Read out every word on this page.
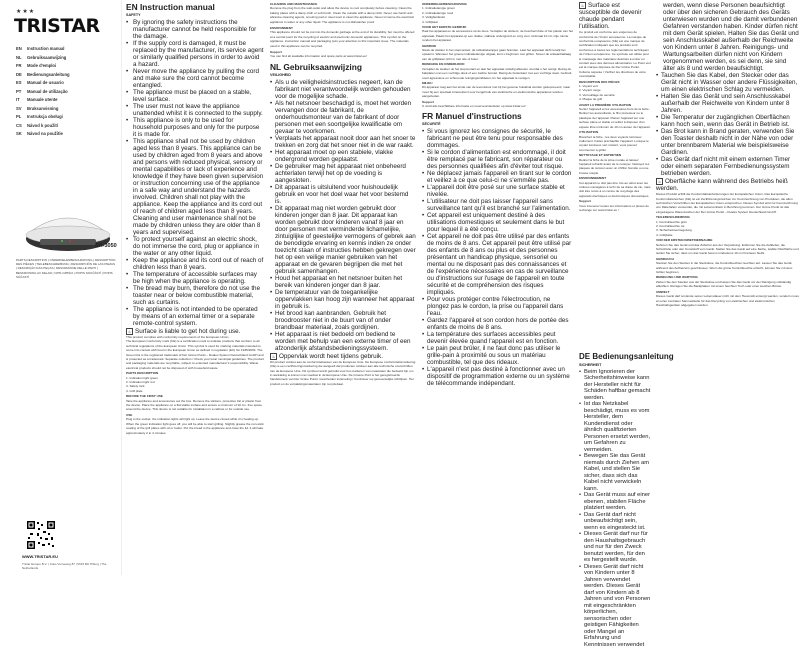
★★★
TRISTAR
EN Instruction manual
NL Gebruiksaanwijzing
FR Mode d'emploi
DE Bedienungsanleitung
ES Manual de usuario
PT Manual de utilização
IT Manuale utente
SV Bruksanvisning
PL Instrukcja obsługi
CS Návod k použití
SK Návod na použitie
SA-3050
PARTS DESCRIPTION | ONDERDELENBESCHRIJVING | DESCRIPTION DES PIÈCES | TEILEBESCHREIBUNG | DESCRIPCIÓN DE LAS PIEZAS | DESCRIÇÃO DAS PEÇAS | DESCRIZIONE DELLE PARTI | BESKRIVNING AV DELAR | OPIS CZĘŚCI | POPIS SOUČÁSTÍ | POPIS SÚČASTÍ
WWW.TRISTAR.EU
Tristar Europe B.V. | Jules Verneweg 87 | 5015 BH Tilburg | The Netherlands
EN Instruction manual
SAFETY
• By ignoring the safety instructions the manufacturer cannot be held responsible for the damage.
• If the supply cord is damaged, it must be replaced by the manufacturer, its service agent or similarly qualified persons in order to avoid a hazard.
• Never move the appliance by pulling the cord and make sure the cord cannot become entangled.
• The appliance must be placed on a stable, level surface.
• The user must not leave the appliance unattended whilst it is connected to the supply.
• This appliance is only to be used for household purposes and only for the purpose it is made for.
• This appliance shall not be used by children aged less than 8 years. This appliance can be used by children aged from 8 years and above and persons with reduced physical, sensory or mental capabilities or lack of experience and knowledge if they have been given supervision or instruction concerning use of the appliance in a safe way and understand the hazards involved. Children shall not play with the appliance. Keep the appliance and its cord out of reach of children aged less than 8 years. Cleaning and user maintenance shall not be made by children unless they are older than 8 years and supervised.
• To protect yourself against an electric shock, do not immerse the cord, plug or appliance in the water or any other liquid.
• Keep the appliance and its cord out of reach of children less than 8 years.
• The temperature of accessible surfaces may be high when the appliance is operating.
• The bread may burn, therefore do not use the toaster near or below combustible material, such as curtains.
• The appliance is not intended to be operated by means of an external timer or a separate remote-control system.
♨ Surface is liable to get hot during use.
This product complies with conformity requirements of the European Union.
The European Conformity mark (CE) is a certification mark to indicate products that conform to all technical regulations of the European Union. This symbol is used for marking materials intended to come into contact with food in the European Union as defined in regulation (EC) No 1935/2004. The Green Dot is the registered trademark of Der Grüne Punkt – Duales System Deutschland GmbH and is protected as a trademark. Separate collection / Check your local municipal guidelines. The product and packaging materials are recyclable, subject to extended manufacturer's responsibility. Waste electrical products should not be disposed of with household waste.
PARTS DESCRIPTION
1. Indication light green
2. Indication light red
3. Safety lock
4. Grill plate
BEFORE THE FIRST USE
Take the appliance and accessories out the box. Remove the stickers, protective foil or plastic from the device. Place the appliance on a flat stable surface and ensure a minimum of 10 cm. free space around the device. This device is not suitable for installation in a cabinet or for outside use.
USE
Plug in the socket, the indication lights will light up. Leave the device closed while it is heating up. When the green indication light goes off, you will be able to start grilling. Slightly grease the non-stick coating of the grill plates with oil or butter. Put the bread in the appliance and close the lid. It will take approximately 2 to 4 minutes.
CLEANING AND MAINTENANCE
Remove the plug from the wall outlet and allow the device to cool completely before cleaning. Clean the baking plates with a damp cloth or soft brush. Clean the outside with a damp cloth. Never use harsh and abrasive cleaning agents, scouring pad or steel wool to clean the appliance. Never immerse the electrical appliance in water or any other liquid. The appliance is not dishwasher proof.
ENVIRONMENT
This appliance should not be put into the domestic garbage at the end of its durability, but must be offered at a central point for the recycling of electric and electronic domestic appliances. This symbol on the appliance, instruction manual and packaging puts your attention to this important issue. The materials used in this appliance can be recycled.
Support
You can find all available information and spare parts at www.tristar.eu!
NL Gebruiksaanwijzing
VEILIGHEID
• Als u de veiligheidsinstructies negeert, kan de fabrikant niet verantwoordelijk worden gehouden voor de mogelijke schade.
• Als het netsnoer beschadigd is, moet het worden vervangen door de fabrikant, de onderhoudsmonteur van de fabrikant of door personen met een soortgelijke kwalificatie om gevaar te voorkomen.
• Verplaats het apparaat nooit door aan het snoer te trekken en zorg dat het snoer niet in de war raakt.
• Het apparaat moet op een stabiele, vlakke ondergrond worden geplaatst.
• De gebruiker mag het apparaat niet onbeheerd achterlaten terwijl het op de voeding is aangesloten.
• Dit apparaat is uitsluitend voor huishoudelijk gebruik en voor het doel waar het voor bestemd is.
• Dit apparaat mag niet worden gebruikt door kinderen jonger dan 8 jaar. Dit apparaat kan worden gebruikt door kinderen vanaf 8 jaar en door personen met verminderde lichamelijke, zintuiglijke of geestelijke vermogens of gebrek aan de benodigde ervaring en kennis indien ze onder toezicht staan of instructies hebben gekregen over het op een veilige manier gebruiken van het apparaat en de gevaren begrijpen die met het gebruik samenhangen.
• Houd het apparaat en het netsnoer buiten het bereik van kinderen jonger dan 8 jaar.
• De temperatuur van de toegankelijke oppervlakken kan hoog zijn wanneer het apparaat in gebruik is.
• Het brood kan aanbranden. Gebruik het broodrooster niet in de buurt van of onder brandbaar materiaal, zoals gordijnen.
• Het apparaat is niet bedoeld om bediend te worden met behulp van een externe timer of een afzonderlijk afstandsbedieningssysteem.
♨ Oppervlak wordt heet tijdens gebruik.
Dit product voldoet aan de conformiteitseisen van de Europese Unie. De Europese conformiteitsmarkering (CE) is een certificeringsmarkering die aangeeft dat producten voldoen aan alle technische voorschriften van de Europese Unie. Dit symbool wordt gebruikt voor het markeren van materialen die bedoeld zijn om in aanraking te komen met voedsel in de Europese Unie. De Groene Punt is het geregistreerde handelsmerk van Der Grüne Punkt. Gescheiden inzameling / Controleer uw gemeentelijke richtlijnen. Het product en de verpakkingsmaterialen zijn recyclebaar.
ONDERDELENBESCHRIJVING
1. Indicatielampje groen
2. Indicatielampje rood
3. Veiligheidsslot
4. Grillplaat
VOOR HET EERSTE GEBRUIK
Haal het apparaat en de accessoires uit de doos. Verwijder de stickers, de beschermfolie of het plastic van het apparaat. Plaats het apparaat op een vlakke, stabiele ondergrond en zorg voor minimaal 10 cm vrije ruimte rondom het apparaat.
GEBRUIK
Steek de stekker in het stopcontact, de indicatielampjes gaan branden. Laat het apparaat dicht terwijl het opwarmt. Wanneer het groene indicatielampje uitgaat, kunt u beginnen met grillen. Smeer de antiaanbaklaag van de grillplaten licht in met olie of boter.
REINIGING EN ONDERHOUD
Verwijder de stekker uit het stopcontact en laat het apparaat volledig afkoelen voordat u het reinigt. Reinig de bakplaten met een vochtige doek of een zachte borstel. Reinig de buitenkant met een vochtige doek. Gebruik nooit agressieve en schurende reinigingsmiddelen om het apparaat te reinigen.
MILIEU
Dit apparaat mag aan het einde van de levensduur niet bij het gewone huisafval worden gedeponeerd, maar moet bij een speciaal inzamelpunt voor hergebruik van elektrische en elektronische apparatuur worden aangeboden.
Support
U vindt alle beschikbare informatie en reserveonderdelen op www.tristar.eu!
FR Manuel d'instructions
SÉCURITÉ
• Si vous ignorez les consignes de sécurité, le fabricant ne peut être tenu pour responsable des dommages.
• Si le cordon d'alimentation est endommagé, il doit être remplacé par le fabricant, son réparateur ou des personnes qualifiées afin d'éviter tout risque.
• Ne déplacez jamais l'appareil en tirant sur le cordon et veillez à ce que celui-ci ne s'emmêle pas.
• L'appareil doit être posé sur une surface stable et nivelée.
• L'utilisateur ne doit pas laisser l'appareil sans surveillance tant qu'il est branché sur l'alimentation.
• Cet appareil est uniquement destiné à des utilisations domestiques et seulement dans le but pour lequel il a été conçu.
• Cet appareil ne doit pas être utilisé par des enfants de moins de 8 ans. Cet appareil peut être utilisé par des enfants de 8 ans ou plus et des personnes présentant un handicap physique, sensoriel ou mental ou ne disposant pas des connaissances et de l'expérience nécessaires en cas de surveillance ou d'instructions sur l'usage de l'appareil en toute sécurité et de compréhension des risques impliqués.
• Pour vous protéger contre l'électrocution, ne plongez pas le cordon, la prise ou l'appareil dans l'eau.
• Gardez l'appareil et son cordon hors de portée des enfants de moins de 8 ans.
• La température des surfaces accessibles peut devenir élevée quand l'appareil est en fonction.
• Le pain peut brûler, il ne faut donc pas utiliser le grille-pain à proximité ou sous un matériau combustible, tel que des rideaux.
• L'appareil n'est pas destiné à fonctionner avec un dispositif de programmation externe ou un système de télécommande indépendant.
♨ Surface est susceptible de devenir chaude pendant l'utilisation.
Ce produit est conforme aux exigences de conformité de l'Union européenne. La marque de conformité européenne (CE) est une marque de certification indiquant que les produits sont conformes à toutes les réglementations techniques de l'Union européenne. Ce symbole est utilisé pour le marquage des matériaux destinés à entrer en contact avec des denrées alimentaires. Le Point vert est la marque déposée de Der Grüne Punkt. Collecte séparée / Vérifiez les directives de votre municipalité.
DESCRIPTION DES PIÈCES
1. Voyant vert
2. Voyant rouge
3. Verrouillage de sécurité
4. Plaque de grill
AVANT LA PREMIÈRE UTILISATION
Sortez l'appareil et les accessoires hors de la boîte. Retirez les autocollants, le film protecteur ou le plastique de l'appareil. Placez l'appareil sur une surface plane et stable et veillez à disposer d'un espace libre minimum de 10 cm autour de l'appareil.
UTILISATION
Branchez la fiche ; les deux voyants lumineux s'allument. Faites préchauffer l'appareil. Lorsque le voyant lumineux vert s'éteint, vous pouvez commencer à griller.
NETTOYAGE ET ENTRETIEN
Retirez la fiche de la prise murale et laissez l'appareil refroidir avant de le nettoyer. Nettoyez les plaques de cuisson avec un chiffon humide ou une brosse souple.
ENVIRONNEMENT
Cet appareil ne doit pas être mis au rebut avec les ordures ménagères à la fin de sa durée de vie, mais doit être remis à un centre de recyclage des appareils électriques et électroniques domestiques.
Support
Vous trouverez toutes les informations et pièces de rechange sur www.tristar.eu !
DE Bedienungsanleitung
SICHERHEIT
• Beim Ignorieren der Sicherheitshinweise kann der Hersteller nicht für Schäden haftbar gemacht werden.
• Ist das Netzkabel beschädigt, muss es vom Hersteller, dem Kundendienst oder ähnlich qualifizierten Personen ersetzt werden, um Gefahren zu vermeiden.
• Bewegen Sie das Gerät niemals durch Ziehen am Kabel, und stellen Sie sicher, dass sich das Kabel nicht verwickeln kann.
• Das Gerät muss auf einer ebenen, stabilen Fläche platziert werden.
• Das Gerät darf nicht unbeaufsichtigt sein, wenn es eingesteckt ist.
• Dieses Gerät darf nur für den Haushaltsgebrauch und nur für den Zweck benutzt werden, für den es hergestellt wurde.
• Dieses Gerät darf nicht von Kindern unter 8 Jahren verwendet werden. Dieses Gerät darf von Kindern ab 8 Jahren und von Personen mit eingeschränkten körperlichen, sensorischen oder geistigen Fähigkeiten oder Mangel an Erfahrung und Kenntnissen verwendet
werden, wenn diese Personen beaufsichtigt oder über den sicheren Gebrauch des Geräts unterwiesen wurden und die damit verbundenen Gefahren verstanden haben. Kinder dürfen nicht mit dem Gerät spielen. Halten Sie das Gerät und sein Anschlusskabel außerhalb der Reichweite von Kindern unter 8 Jahren. Reinigungs- und Wartungsarbeiten dürfen nicht von Kindern vorgenommen werden, es sei denn, sie sind älter als 8 und werden beaufsichtigt.
• Tauchen Sie das Kabel, den Stecker oder das Gerät nicht in Wasser oder andere Flüssigkeiten, um einen elektrischen Schlag zu vermeiden.
• Halten Sie das Gerät und sein Anschlusskabel außerhalb der Reichweite von Kindern unter 8 Jahren.
• Die Temperatur der zugänglichen Oberflächen kann hoch sein, wenn das Gerät in Betrieb ist.
• Das Brot kann in Brand geraten, verwenden Sie den Toaster deshalb nicht in der Nähe von oder unter brennbarem Material wie beispielsweise Gardinen.
• Das Gerät darf nicht mit einem externen Timer oder einem separaten Fernbedienungssystem betrieben werden.
♨ Oberfläche kann während des Betriebs heiß werden.
Dieses Produkt erfüllt die Konformitätsanforderungen der Europäischen Union. Das Europäische Konformitätszeichen (CE) ist ein Zertifizierungszeichen zur Kennzeichnung von Produkten, die allen technischen Vorschriften der Europäischen Union entsprechen. Dieses Symbol wird zur Kennzeichnung von Materialien verwendet, die mit Lebensmitteln in Berührung kommen. Der Grüne Punkt ist das eingetragene Warenzeichen der Der Grüne Punkt – Duales System Deutschland GmbH.
TEILEBESCHREIBUNG
1. Kontrollleuchte grün
2. Kontrollleuchte rot
3. Sicherheitsverriegelung
4. Grillplatte
VOR DER ERSTEN INBETRIEBNAHME
Nehmen Sie das Gerät und das Zubehör aus der Verpackung. Entfernen Sie die Aufkleber, die Schutzfolie oder den Kunststoff vom Gerät. Stellen Sie das Gerät auf eine flache, stabile Oberfläche und stellen Sie sicher, dass um das Gerät herum mindestens 10 cm Freiraum bleibt.
GEBRAUCH
Stecken Sie den Stecker in die Steckdose, die Kontrollleuchten leuchten auf. Lassen Sie das Gerät während des Aufheizens geschlossen. Wenn die grüne Kontrollleuchte erlischt, können Sie mit dem Grillen beginnen.
REINIGUNG UND WARTUNG
Ziehen Sie den Stecker aus der Steckdose und lassen Sie das Gerät vor der Reinigung vollständig abkühlen. Reinigen Sie die Backplatten mit einem feuchten Tuch oder einer weichen Bürste.
UMWELT
Dieses Gerät darf am Ende seiner Lebensdauer nicht mit dem Hausmüll entsorgt werden, sondern muss an einer zentralen Sammelstelle für das Recycling von elektrischen und elektronischen Haushaltsgeräten abgegeben werden.
